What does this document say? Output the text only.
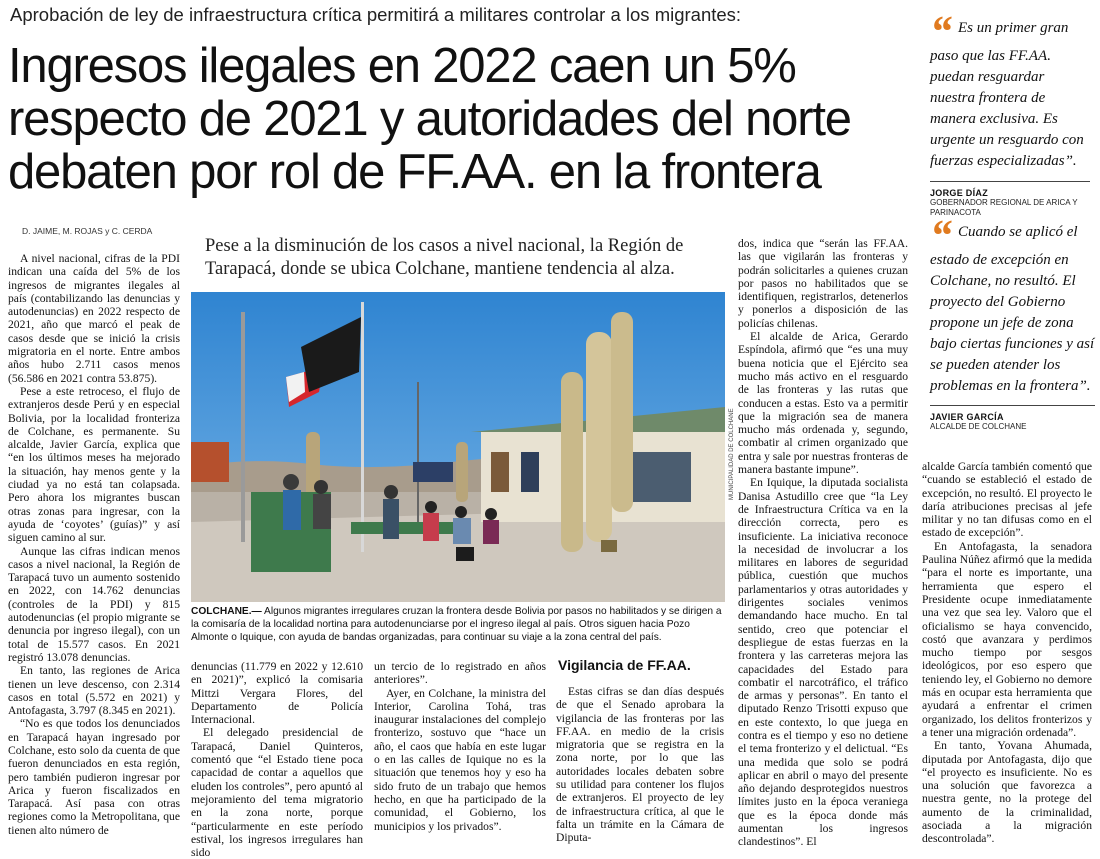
Aprobación de ley de infraestructura crítica permitirá a militares controlar a los migrantes:
Ingresos ilegales en 2022 caen un 5%
respecto de 2021 y autoridades del norte
debaten por rol de FF.AA. en la frontera
“ Es un primer gran paso que las FF.AA. puedan resguardar nuestra frontera de manera exclusiva. Es urgente un resguardo con fuerzas especializadas”.
JORGE DÍAZ
GOBERNADOR REGIONAL DE ARICA Y PARINACOTA
“ Cuando se aplicó el estado de excepción en Colchane, no resultó. El proyecto del Gobierno propone un jefe de zona bajo ciertas funciones y así se pueden atender los problemas en la frontera”.
JAVIER GARCÍA
ALCALDE DE COLCHANE
D. JAIME, M. ROJAS y C. CERDA

A nivel nacional, cifras de la PDI indican una caída del 5% de los ingresos de migrantes ilegales al país (contabilizando las denuncias y autodenuncias) en 2022 respecto de 2021, año que marcó el peak de casos desde que se inició la crisis migratoria en el norte. Entre ambos años hubo 2.711 casos menos (56.586 en 2021 contra 53.875).

Pese a este retroceso, el flujo de extranjeros desde Perú y en especial Bolivia, por la localidad fronteriza de Colchane, es permanente. Su alcalde, Javier García, explica que “en los últimos meses ha mejorado la situación, hay menos gente y la ciudad ya no está tan colapsada. Pero ahora los migrantes buscan otras zonas para ingresar, con la ayuda de ‘coyotes’ (guías)” y así siguen camino al sur.

Aunque las cifras indican menos casos a nivel nacional, la Región de Tarapacá tuvo un aumento sostenido en 2022, con 14.762 denuncias (controles de la PDI) y 815 autodenuncias (el propio migrante se denuncia por ingreso ilegal), con un total de 15.577 casos. En 2021 registró 13.078 denuncias.

En tanto, las regiones de Arica tienen un leve descenso, con 2.314 casos en total (5.572 en 2021) y Antofagasta, 3.797 (8.345 en 2021).

“No es que todos los denunciados en Tarapacá hayan ingresado por Colchane, esto solo da cuenta de que fueron denunciados en esta región, pero también pudieron ingresar por Arica y fueron fiscalizados en Tarapacá. Así pasa con otras regiones como la Metropolitana, que tienen alto número de

Pese a la disminución de los casos a nivel nacional, la Región de Tarapacá, donde se ubica Colchane, mantiene tendencia al alza.
MUNICIPALIDAD DE COLCHANE
COLCHANE.— Algunos migrantes irregulares cruzan la frontera desde Bolivia por pasos no habilitados y se dirigen a la comisaría de la localidad nortina para autodenunciarse por el ingreso ilegal al país. Otros siguen hacia Pozo Almonte o Iquique, con ayuda de bandas organizadas, para continuar su viaje a la zona central del país.

denuncias (11.779 en 2022 y 12.610 en 2021)”, explicó la comisaria Mittzi Vergara Flores, del Departamento de Policía Internacional.

El delegado presidencial de Tarapacá, Daniel Quinteros, comentó que “el Estado tiene poca capacidad de contar a aquellos que eluden los controles”, pero apuntó al mejoramiento del tema migratorio en la zona norte, porque “particularmente en este período estival, los ingresos irregulares han sido

un tercio de lo registrado en años anteriores”.

Ayer, en Colchane, la ministra del Interior, Carolina Tohá, tras inaugurar instalaciones del complejo fronterizo, sostuvo que “hace un año, el caos que había en este lugar o en las calles de Iquique no es la situación que tenemos hoy y eso ha sido fruto de un trabajo que hemos hecho, en que ha participado de la comunidad, el Gobierno, los municipios y los privados”.

Vigilancia de FF.AA.

Estas cifras se dan días después de que el Senado aprobara la vigilancia de las fronteras por las FF.AA. en medio de la crisis migratoria que se registra en la zona norte, por lo que las autoridades locales debaten sobre su utilidad para contener los flujos de extranjeros. El proyecto de ley de infraestructura crítica, al que le falta un trámite en la Cámara de Diputa-

dos, indica que “serán las FF.AA. las que vigilarán las fronteras y podrán solicitarles a quienes cruzan por pasos no habilitados que se identifiquen, registrarlos, detenerlos y ponerlos a disposición de las policías chilenas.

El alcalde de Arica, Gerardo Espíndola, afirmó que “es una muy buena noticia que el Ejército sea mucho más activo en el resguardo de las fronteras y las rutas que conducen a estas. Esto va a permitir que la migración sea de manera mucho más ordenada y, segundo, combatir al crimen organizado que entra y sale por nuestras fronteras de manera bastante impune”.

En Iquique, la diputada socialista Danisa Astudillo cree que “la Ley de Infraestructura Crítica va en la dirección correcta, pero es insuficiente. La iniciativa reconoce la necesidad de involucrar a los militares en labores de seguridad pública, cuestión que muchos parlamentarios y otras autoridades y dirigentes sociales venimos demandando hace mucho. En tal sentido, creo que potenciar el despliegue de estas fuerzas en la frontera y las carreteras mejora las capacidades del Estado para combatir el narcotráfico, el tráfico de armas y personas”. En tanto el diputado Renzo Trisotti expuso que en este contexto, lo que juega en contra es el tiempo y eso no detiene el tema fronterizo y el delictual. “Es una medida que solo se podrá aplicar en abril o mayo del presente año dejando desprotegidos nuestros límites justo en la época veraniega que es la época donde más aumentan los ingresos clandestinos”. El

alcalde García también comentó que “cuando se estableció el estado de excepción, no resultó. El proyecto le daría atribuciones precisas al jefe militar y no tan difusas como en el estado de excepción”.

En Antofagasta, la senadora Paulina Núñez afirmó que la medida “para el norte es importante, una herramienta que espero el Presidente ocupe inmediatamente una vez que sea ley. Valoro que el oficialismo se haya convencido, costó que avanzara y perdimos mucho tiempo por sesgos ideológicos, por eso espero que teniendo ley, el Gobierno no demore más en ocupar esta herramienta que ayudará a enfrentar el crimen organizado, los delitos fronterizos y a tener una migración ordenada”.

En tanto, Yovana Ahumada, diputada por Antofagasta, dijo que “el proyecto es insuficiente. No es una solución que favorezca a nuestra gente, no la protege del aumento de la criminalidad, asociada a la migración descontrolada”.
